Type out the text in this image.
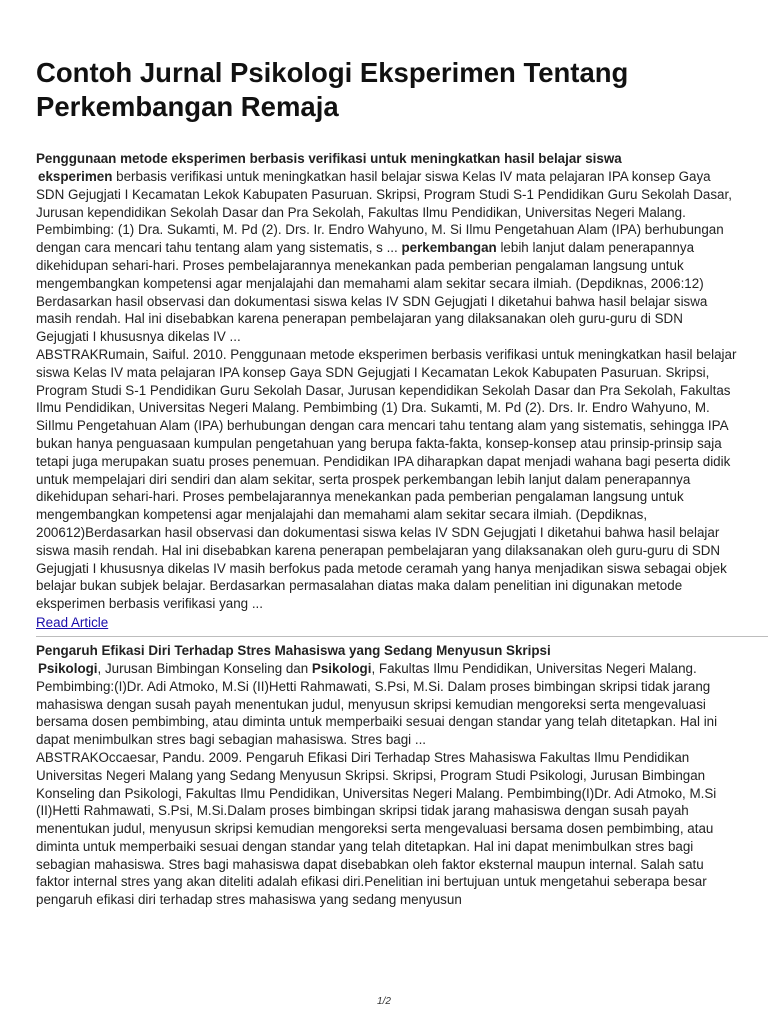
Contoh Jurnal Psikologi Eksperimen Tentang Perkembangan Remaja

Penggunaan metode eksperimen berbasis verifikasi untuk meningkatkan hasil belajar siswa

eksperimen berbasis verifikasi untuk meningkatkan hasil belajar siswa Kelas IV mata pelajaran IPA konsep Gaya SDN Gejugjati I Kecamatan Lekok Kabupaten Pasuruan. Skripsi, Program Studi S-1 Pendidikan Guru Sekolah Dasar, Jurusan kependidikan Sekolah Dasar dan Pra Sekolah, Fakultas Ilmu Pendidikan, Universitas Negeri Malang. Pembimbing: (1) Dra. Sukamti, M. Pd (2). Drs. Ir. Endro Wahyuno, M. Si Ilmu Pengetahuan Alam (IPA) berhubungan dengan cara mencari tahu tentang alam yang sistematis, s ... perkembangan lebih lanjut dalam penerapannya dikehidupan sehari-hari. Proses pembelajarannya menekankan pada pemberian pengalaman langsung untuk mengembangkan kompetensi agar menjalajahi dan memahami alam sekitar secara ilmiah. (Depdiknas, 2006:12) Berdasarkan hasil observasi dan dokumentasi siswa kelas IV SDN Gejugjati I diketahui bahwa hasil belajar siswa masih rendah. Hal ini disebabkan karena penerapan pembelajaran yang dilaksanakan oleh guru-guru di SDN Gejugjati I khususnya dikelas IV ...

ABSTRAKRumain, Saiful. 2010. Penggunaan metode eksperimen berbasis verifikasi untuk meningkatkan hasil belajar siswa Kelas IV mata pelajaran IPA konsep Gaya SDN Gejugjati I Kecamatan Lekok Kabupaten Pasuruan. Skripsi, Program Studi S-1 Pendidikan Guru Sekolah Dasar, Jurusan kependidikan Sekolah Dasar dan Pra Sekolah, Fakultas Ilmu Pendidikan, Universitas Negeri Malang. Pembimbing (1) Dra. Sukamti, M. Pd (2). Drs. Ir. Endro Wahyuno, M. SiIlmu Pengetahuan Alam (IPA) berhubungan dengan cara mencari tahu tentang alam yang sistematis, sehingga IPA bukan hanya penguasaan kumpulan pengetahuan yang berupa fakta-fakta, konsep-konsep atau prinsip-prinsip saja tetapi juga merupakan suatu proses penemuan. Pendidikan IPA diharapkan dapat menjadi wahana bagi peserta didik untuk mempelajari diri sendiri dan alam sekitar, serta prospek perkembangan lebih lanjut dalam penerapannya dikehidupan sehari-hari. Proses pembelajarannya menekankan pada pemberian pengalaman langsung untuk mengembangkan kompetensi agar menjalajahi dan memahami alam sekitar secara ilmiah. (Depdiknas, 200612)Berdasarkan hasil observasi dan dokumentasi siswa kelas IV SDN Gejugjati I diketahui bahwa hasil belajar siswa masih rendah. Hal ini disebabkan karena penerapan pembelajaran yang dilaksanakan oleh guru-guru di SDN Gejugjati I khususnya dikelas IV masih berfokus pada metode ceramah yang hanya menjadikan siswa sebagai objek belajar bukan subjek belajar. Berdasarkan permasalahan diatas maka dalam penelitian ini digunakan metode eksperimen berbasis verifikasi yang ...

Read Article

Pengaruh Efikasi Diri Terhadap Stres Mahasiswa yang Sedang Menyusun Skripsi

Psikologi, Jurusan Bimbingan Konseling dan Psikologi, Fakultas Ilmu Pendidikan, Universitas Negeri Malang. Pembimbing:(I)Dr. Adi Atmoko, M.Si (II)Hetti Rahmawati, S.Psi, M.Si. Dalam proses bimbingan skripsi tidak jarang mahasiswa dengan susah payah menentukan judul, menyusun skripsi kemudian mengoreksi serta mengevaluasi bersama dosen pembimbing, atau diminta untuk memperbaiki sesuai dengan standar yang telah ditetapkan. Hal ini dapat menimbulkan stres bagi sebagian mahasiswa. Stres bagi ...

ABSTRAKOccaesar, Pandu. 2009. Pengaruh Efikasi Diri Terhadap Stres Mahasiswa Fakultas Ilmu Pendidikan Universitas Negeri Malang yang Sedang Menyusun Skripsi. Skripsi, Program Studi Psikologi, Jurusan Bimbingan Konseling dan Psikologi, Fakultas Ilmu Pendidikan, Universitas Negeri Malang. Pembimbing(I)Dr. Adi Atmoko, M.Si (II)Hetti Rahmawati, S.Psi, M.Si.Dalam proses bimbingan skripsi tidak jarang mahasiswa dengan susah payah menentukan judul, menyusun skripsi kemudian mengoreksi serta mengevaluasi bersama dosen pembimbing, atau diminta untuk memperbaiki sesuai dengan standar yang telah ditetapkan. Hal ini dapat menimbulkan stres bagi sebagian mahasiswa. Stres bagi mahasiswa dapat disebabkan oleh faktor eksternal maupun internal. Salah satu faktor internal stres yang akan diteliti adalah efikasi diri.Penelitian ini bertujuan untuk mengetahui seberapa besar pengaruh efikasi diri terhadap stres mahasiswa yang sedang menyusun

1/2
